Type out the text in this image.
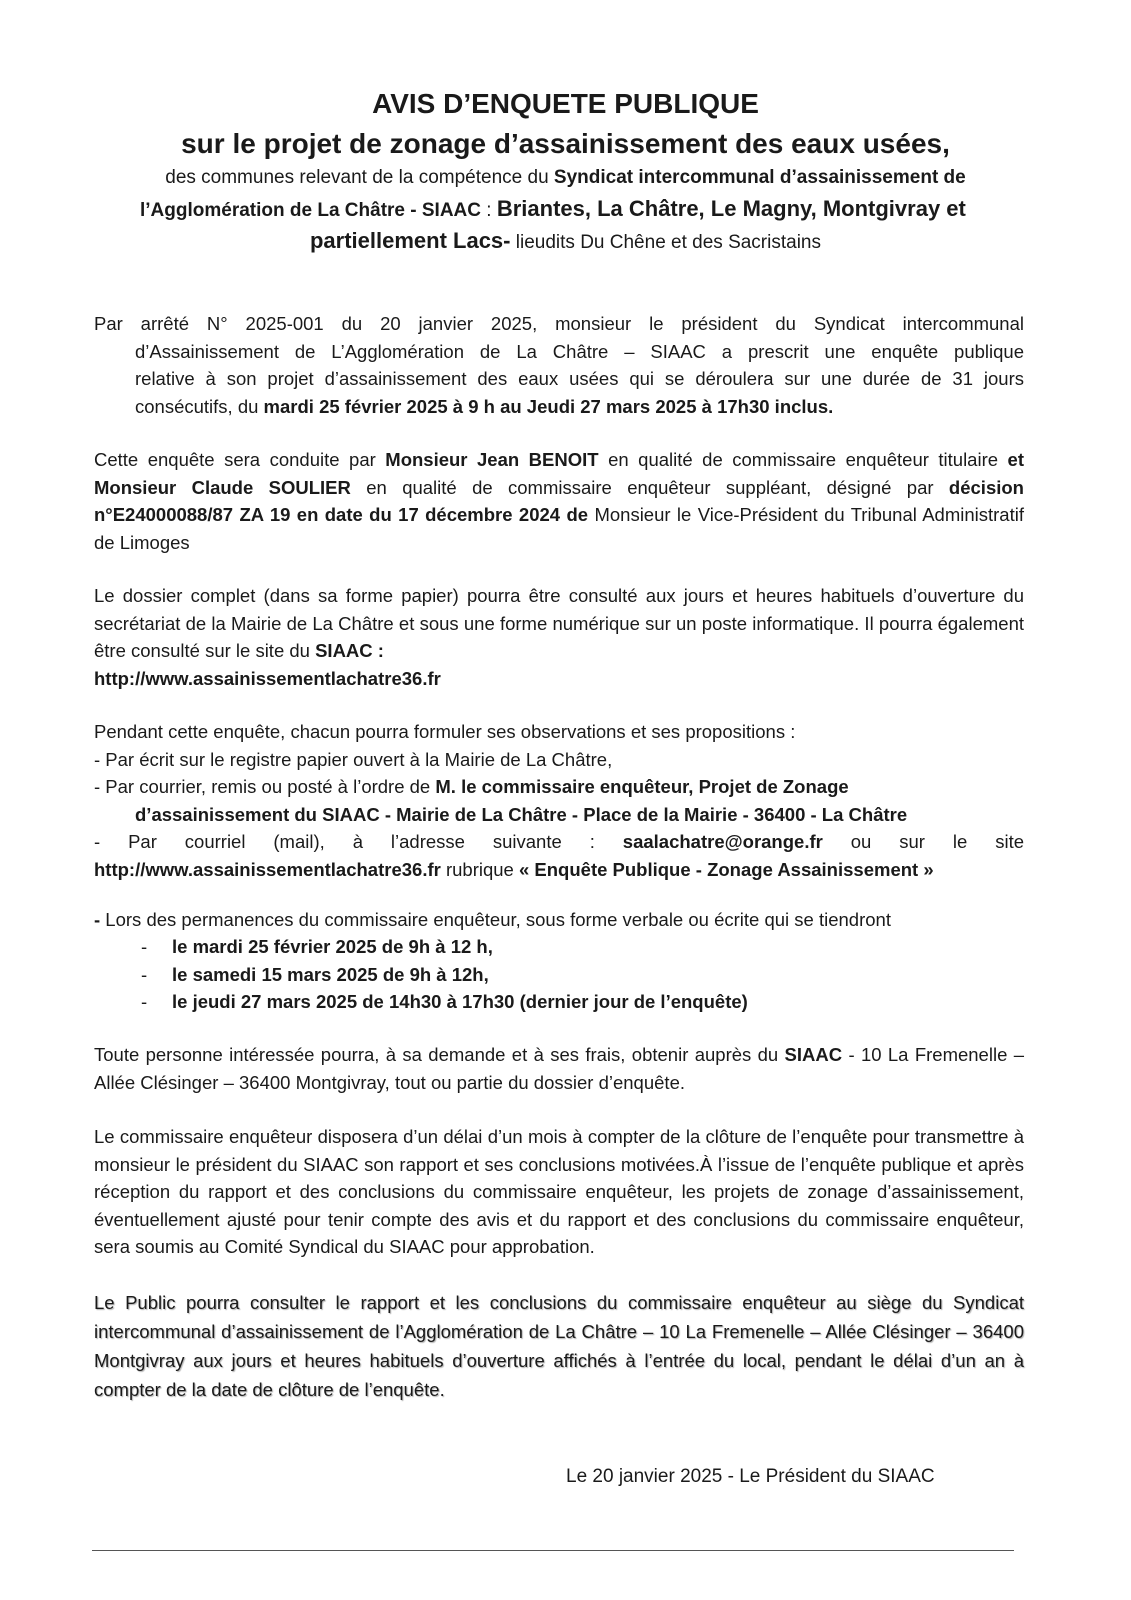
AVIS D’ENQUETE PUBLIQUE
sur le projet de zonage d’assainissement des eaux usées,
des communes relevant de la compétence du Syndicat intercommunal d’assainissement de
l’Agglomération de La Châtre - SIAAC : Briantes, La Châtre, Le Magny, Montgivray et
partiellement Lacs- lieudits Du Chêne et des Sacristains

Par arrêté N° 2025-001 du 20 janvier 2025, monsieur le président du Syndicat intercommunal
d’Assainissement de L’Agglomération de La Châtre – SIAAC a prescrit une enquête publique
relative à son projet d’assainissement des eaux usées qui se déroulera sur une durée de 31 jours
consécutifs, du mardi 25 février 2025 à 9 h au Jeudi 27 mars 2025 à 17h30 inclus.

Cette enquête sera conduite par Monsieur Jean BENOIT en qualité de commissaire enquêteur titulaire et Monsieur Claude SOULIER en qualité de commissaire enquêteur suppléant, désigné par décision n°E24000088/87 ZA 19 en date du 17 décembre 2024 de Monsieur le Vice-Président du Tribunal Administratif de Limoges

Le dossier complet (dans sa forme papier) pourra être consulté aux jours et heures habituels d’ouverture du secrétariat de la Mairie de La Châtre et sous une forme numérique sur un poste informatique. Il pourra également être consulté sur le site du SIAAC :
http://www.assainissementlachatre36.fr

Pendant cette enquête, chacun pourra formuler ses observations et ses propositions :
- Par écrit sur le registre papier ouvert à la Mairie de La Châtre,
- Par courrier, remis ou posté à l’ordre de M. le commissaire enquêteur, Projet de Zonage
d’assainissement du SIAAC - Mairie de La Châtre - Place de la Mairie - 36400 - La Châtre
- Par courriel (mail), à l’adresse suivante : saalachatre@orange.fr ou sur le site
http://www.assainissementlachatre36.fr rubrique « Enquête Publique - Zonage Assainissement »

- Lors des permanences du commissaire enquêteur, sous forme verbale ou écrite qui se tiendront

- le mardi 25 février 2025 de 9h à 12 h,
- le samedi 15 mars 2025 de 9h à 12h,
- le jeudi 27 mars 2025 de 14h30 à 17h30 (dernier jour de l’enquête)

Toute personne intéressée pourra, à sa demande et à ses frais, obtenir auprès du SIAAC - 10 La Fremenelle – Allée Clésinger – 36400 Montgivray, tout ou partie du dossier d’enquête.

Le commissaire enquêteur disposera d’un délai d’un mois à compter de la clôture de l’enquête pour transmettre à monsieur le président du SIAAC son rapport et ses conclusions motivées.À l’issue de l’enquête publique et après réception du rapport et des conclusions du commissaire enquêteur, les projets de zonage d’assainissement, éventuellement ajusté pour tenir compte des avis et du rapport et des conclusions du commissaire enquêteur, sera soumis au Comité Syndical du SIAAC pour approbation.

Le Public pourra consulter le rapport et les conclusions du commissaire enquêteur au siège du Syndicat intercommunal d’assainissement de l’Agglomération de La Châtre – 10 La Fremenelle – Allée Clésinger – 36400 Montgivray aux jours et heures habituels d’ouverture affichés à l’entrée du local, pendant le délai d’un an à compter de la date de clôture de l’enquête.

Le 20 janvier 2025 - Le Président du SIAAC
